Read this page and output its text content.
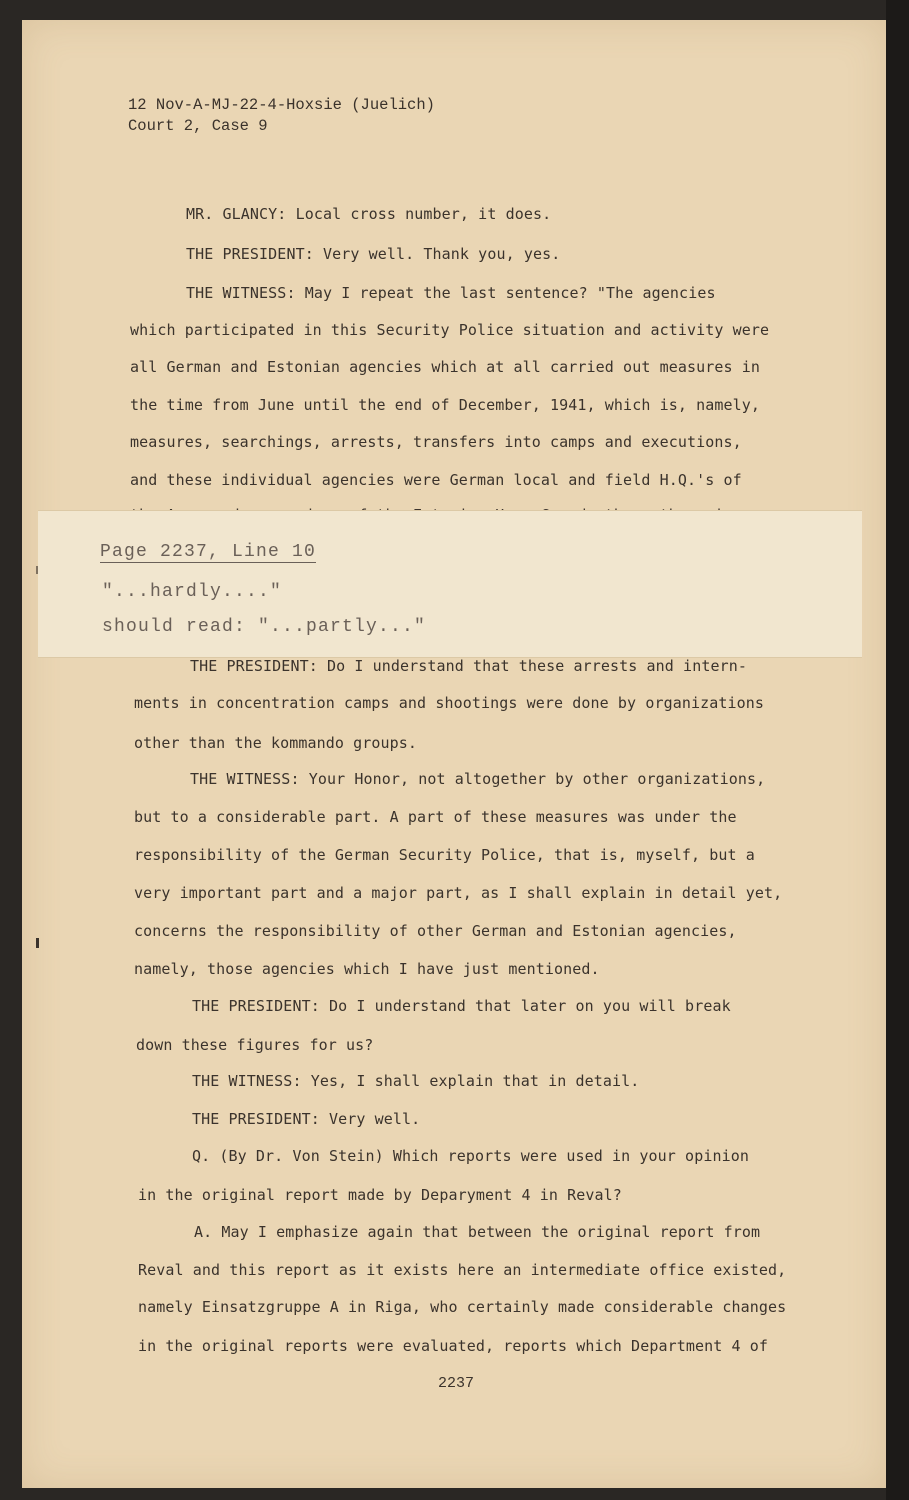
12 Nov-A-MJ-22-4-Hoxsie (Juelich)

Court 2, Case 9

MR. GLANCY: Local cross number, it does.

THE PRESIDENT: Very well. Thank you, yes.

THE WITNESS: May I repeat the last sentence? "The agencies

which participated in this Security Police situation and activity were

all German and Estonian agencies which at all carried out measures in

the time from June until the end of December, 1941, which is, namely,

measures, searchings, arrests, transfers into camps and executions,

and these individual agencies were German local and field H.Q.'s of

Page 2237, Line 10

"...hardly...."

should read: "...partly..."

THE PRESIDENT: Do I understand that these arrests and intern-

ments in concentration camps and shootings were done by organizations

other than the kommando groups.

THE WITNESS: Your Honor, not altogether by other organizations,

but to a considerable part. A part of these measures was under the

responsibility of the German Security Police, that is, myself, but a

very important part and a major part, as I shall explain in detail yet,

concerns the responsibility of other German and Estonian agencies,

namely, those agencies which I have just mentioned.

THE PRESIDENT: Do I understand that later on you will break

down these figures for us?

THE WITNESS: Yes, I shall explain that in detail.

THE PRESIDENT: Very well.

Q. (By Dr. Von Stein) Which reports were used in your opinion

in the original report made by Deparyment 4 in Reval?

A. May I emphasize again that between the original report from

Reval and this report as it exists here an intermediate office existed,

namely Einsatzgruppe A in Riga, who certainly made considerable changes

in the original reports were evaluated, reports which Department 4 of

2237
